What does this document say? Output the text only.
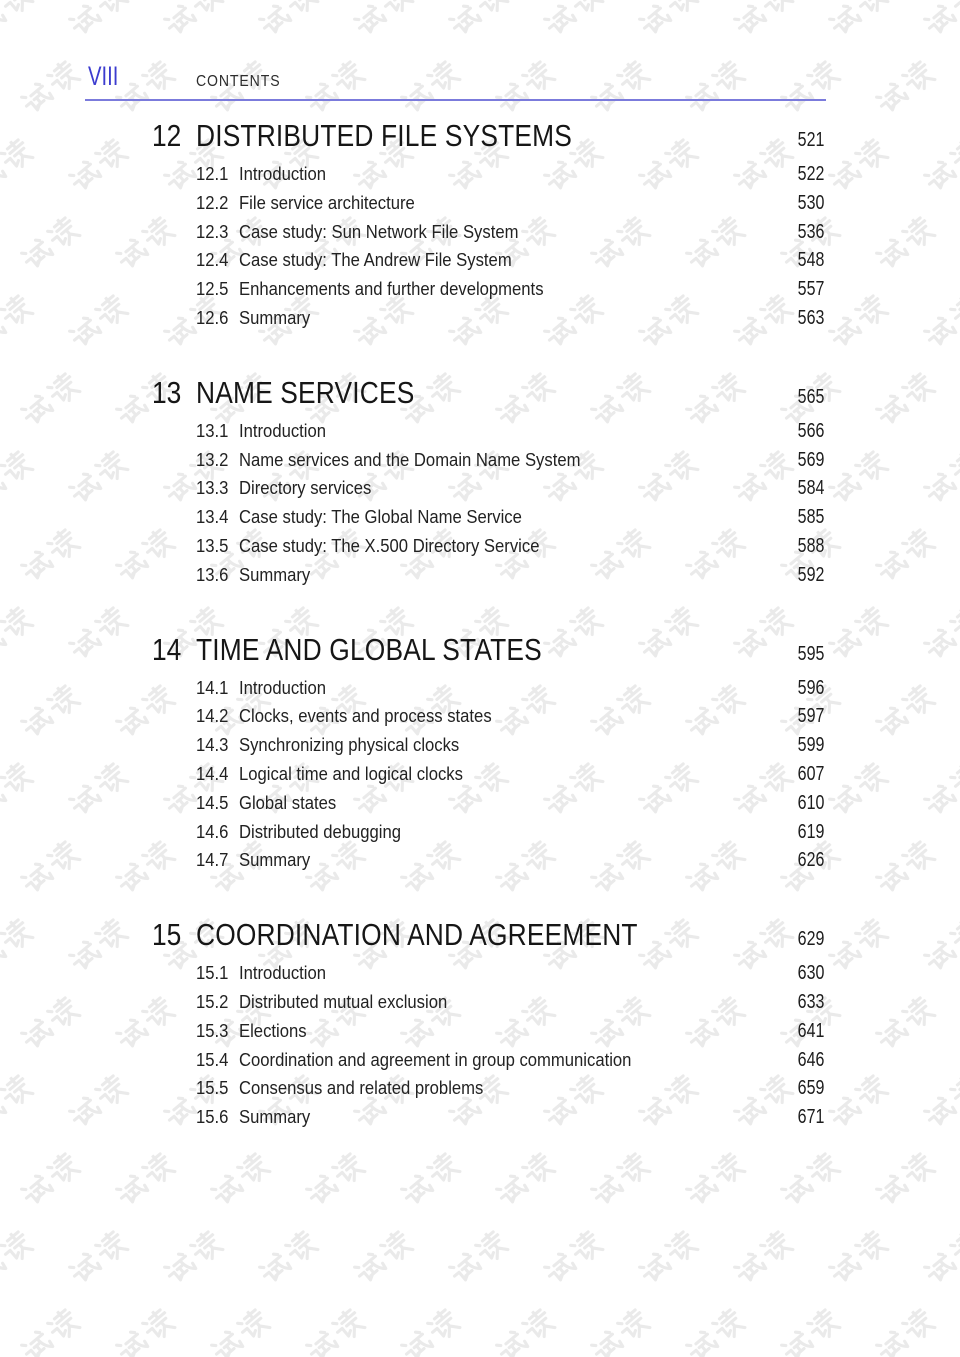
VIII	CONTENTS
12 DISTRIBUTED FILE SYSTEMS	521
12.1 Introduction	522
12.2 File service architecture	530
12.3 Case study: Sun Network File System	536
12.4 Case study: The Andrew File System	548
12.5 Enhancements and further developments	557
12.6 Summary	563
13 NAME SERVICES	565
13.1 Introduction	566
13.2 Name services and the Domain Name System	569
13.3 Directory services	584
13.4 Case study: The Global Name Service	585
13.5 Case study: The X.500 Directory Service	588
13.6 Summary	592
14 TIME AND GLOBAL STATES	595
14.1 Introduction	596
14.2 Clocks, events and process states	597
14.3 Synchronizing physical clocks	599
14.4 Logical time and logical clocks	607
14.5 Global states	610
14.6 Distributed debugging	619
14.7 Summary	626
15 COORDINATION AND AGREEMENT	629
15.1 Introduction	630
15.2 Distributed mutual exclusion	633
15.3 Elections	641
15.4 Coordination and agreement in group communication	646
15.5 Consensus and related problems	659
15.6 Summary	671
